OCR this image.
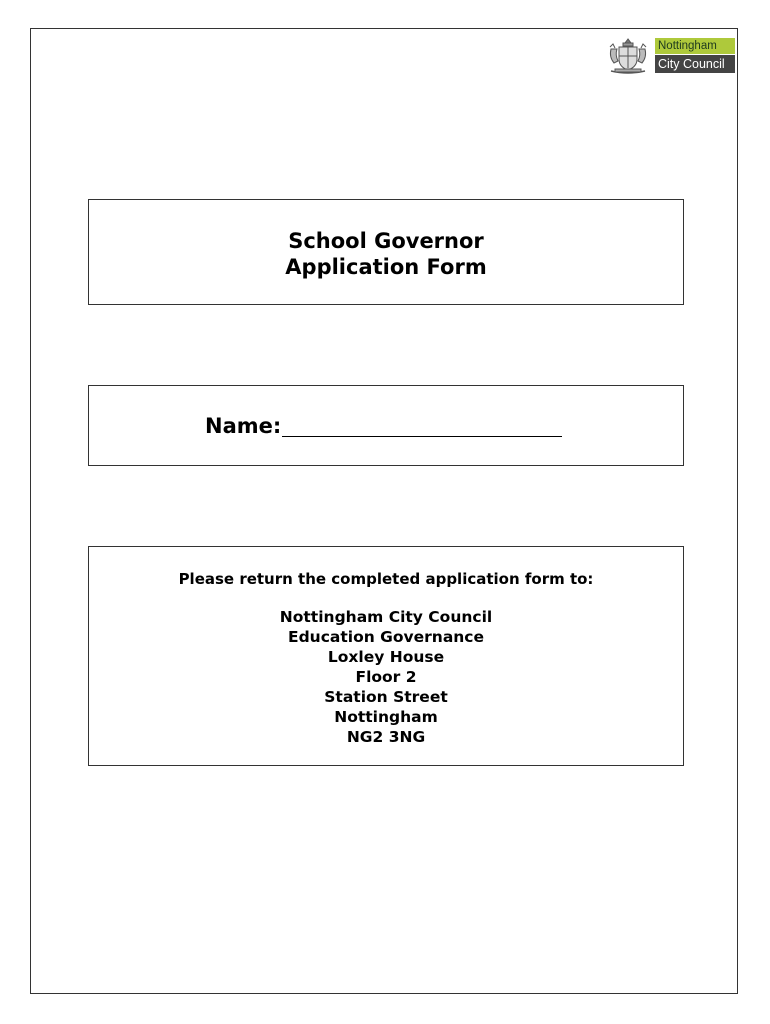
Nottingham
City Council
School Governor
Application Form
Name:
Please return the completed application form to:
Nottingham City Council
Education Governance
Loxley House
Floor 2
Station Street
Nottingham
NG2 3NG
